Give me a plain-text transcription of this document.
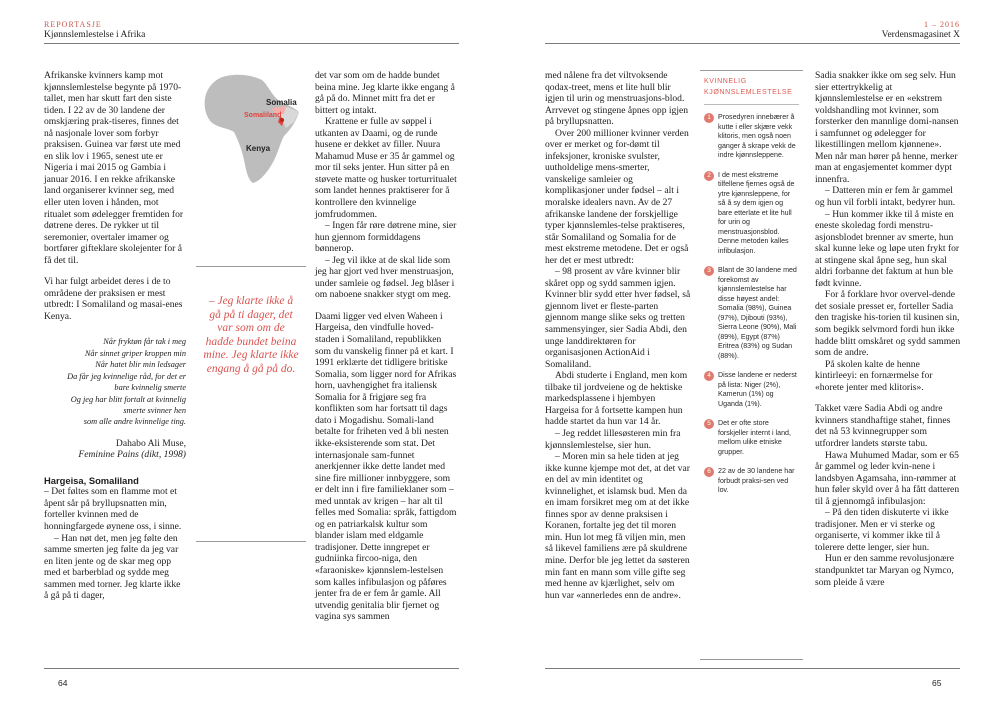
REPORTASJE
Kjønnslemlestelse i Afrika
1 – 2016
Verdensmagasinet X

Afrikanske kvinners kamp mot kjønnslemlestelse begynte på 1970-tallet, men har skutt fart den siste tiden. I 22 av de 30 landene der omskjæring prak-tiseres, finnes det nå nasjonale lover som forbyr praksisen. Guinea var først ute med en slik lov i 1965, senest ute er Nigeria i mai 2015 og Gambia i januar 2016. I en rekke afrikanske land organiserer kvinner seg, med eller uten loven i hånden, mot ritualet som ødelegger fremtiden for døtrene deres. De rykker ut til seremonier, overtaler imamer og bortfører gifteklare skolejenter for å få det til.

Vi har fulgt arbeidet deres i de to områdene der praksisen er mest utbredt: I Somaliland og masai-enes Kenya.

Når fryktøn får tak i meg
Når sinnet griper kroppen min
Når hatet blir min ledsager
Da får jeg kvinnelige råd, for det er
bare kvinnelig smerte
Og jeg har blitt fortalt at kvinnelig
smerte svinner hen
som alle andre kvinnelige ting.
Dahabo Ali Muse,
Feminine Pains (dikt, 1998)
Hargeisa, Somaliland

– Det føltes som en flamme mot et åpent sår på bryllupsnatten min, forteller kvinnen med de honningfargede øynene oss, i sinne.

– Han nøt det, men jeg følte den samme smerten jeg følte da jeg var en liten jente og de skar meg opp med et barberblad og sydde meg sammen med torner. Jeg klarte ikke å gå på ti dager,

Somalia
Somaliland
Kenya
– Jeg klarte ikke å gå på ti dager, det var som om de hadde bundet beina mine. Jeg klarte ikke engang å gå på do.

det var som om de hadde bundet beina mine. Jeg klarte ikke engang å gå på do. Minnet mitt fra det er bittert og intakt.

Krattene er fulle av søppel i utkanten av Daami, og de runde husene er dekket av filler. Nuura Mahamud Muse er 35 år gammel og mor til seks jenter. Hun sitter på en støvete matte og husker torturritualet som landet hennes praktiserer for å kontrollere den kvinnelige jomfrudommen.

– Ingen får røre døtrene mine, sier hun gjennom formiddagens bønnerop.

– Jeg vil ikke at de skal lide som jeg har gjort ved hver menstruasjon, under samleie og fødsel. Jeg blåser i om naboene snakker stygt om meg.

Daami ligger ved elven Waheen i Hargeisa, den vindfulle hoved-staden i Somaliland, republikken som du vanskelig finner på et kart. I 1991 erklærte det tidligere britiske Somalia, som ligger nord for Afrikas horn, uavhengighet fra italiensk Somalia for å frigjøre seg fra konflikten som har fortsatt til dags dato i Mogadishu. Somali-land betalte for friheten ved å bli nesten ikke-eksisterende som stat. Det internasjonale sam-funnet anerkjenner ikke dette landet med sine fire millioner innbyggere, som er delt inn i fire familieklaner som – med unntak av krigen – har alt til felles med Somalia: språk, fattigdom og en patriarkalsk kultur som blander islam med eldgamle tradisjoner. Dette inngrepet er gudniinka fircoo-niga, den «faraoniske» kjønnslem-lestelsen som kalles infibulasjon og påføres jenter fra de er fem år gamle. All utvendig genitalia blir fjernet og vagina sys sammen

med nålene fra det viltvoksende qodax-treet, mens et lite hull blir igjen til urin og menstruasjons-blod. Arrvevet og stingene åpnes opp igjen på bryllupsnatten.

Over 200 millioner kvinner verden over er merket og for-dømt til infeksjoner, kroniske svulster, uutholdelige mens-smerter, vanskelige samleier og komplikasjoner under fødsel – alt i moralske idealers navn. Av de 27 afrikanske landene der forskjellige typer kjønnslemles-telse praktiseres, står Somaliland og Somalia for de mest ekstreme metodene. Det er også her det er mest utbredt:

– 98 prosent av våre kvinner blir skåret opp og sydd sammen igjen. Kvinner blir sydd etter hver fødsel, så gjennom livet er fleste-parten gjennom mange slike seks og tretten sammensyinger, sier Sadia Abdi, den unge landdirektøren for organisasjonen ActionAid i Somaliland.

Abdi studerte i England, men kom tilbake til jordveiene og de hektiske markedsplassene i hjembyen Hargeisa for å fortsette kampen hun hadde startet da hun var 14 år.

– Jeg reddet lillesøsteren min fra kjønnslemlestelse, sier hun.

– Moren min sa hele tiden at jeg ikke kunne kjempe mot det, at det var en del av min identitet og kvinnelighet, et islamsk bud. Men da en imam forsikret meg om at det ikke finnes spor av denne praksisen i Koranen, fortalte jeg det til moren min. Hun lot meg få viljen min, men så likevel familiens ære på skuldrene mine. Derfor ble jeg lettet da søsteren min fant en mann som ville gifte seg med henne av kjærlighet, selv om hun var «annerledes enn de andre».

KVINNELIG
KJØNNSLEMLESTELSE
1	Prosedyren innebærer å kutte i eller skjære vekk klitoris, men også noen ganger å skrape vekk de indre kjønnsleppene.
2	I de mest ekstreme tilfellene fjernes også de ytre kjønnsleppene, for så å sy dem igjen og bare etterlate et lite hull for urin og menstruasjonsblod. Denne metoden kalles infibulasjon.
3	Blant de 30 landene med forekomst av kjønnslemlestelse har disse høyest andel: Somalia (98%), Guinea (97%), Djibouti (93%), Sierra Leone (90%), Mali (89%), Egypt (87%) Eritrea (83%) og Sudan (88%).
4	Disse landene er nederst på lista: Niger (2%), Kamerun (1%) og Uganda (1%).
5	Det er ofte store forskjeller internt i land, mellom ulike etniske grupper.
6	22 av de 30 landene har forbudt praksi-sen ved lov.

Sadia snakker ikke om seg selv. Hun sier ettertrykkelig at kjønnslemlestelse er en «ekstrem voldshandling mot kvinner, som forsterker den mannlige domi-nansen i samfunnet og ødelegger for likestillingen mellom kjønnene». Men når man hører på henne, merker man at engasjementet kommer dypt innenfra.

– Datteren min er fem år gammel og hun vil forbli intakt, bedyrer hun.

– Hun kommer ikke til å miste en eneste skoledag fordi menstru-asjonsblodet brenner av smerte, hun skal kunne leke og løpe uten frykt for at stingene skal åpne seg, hun skal aldri forbanne det faktum at hun ble født kvinne.

For å forklare hvor overvel-dende det sosiale presset er, forteller Sadia den tragiske his-torien til kusinen sin, som begikk selvmord fordi hun ikke hadde blitt omskåret og sydd sammen som de andre.

På skolen kalte de henne kintirleeyi: en fornærmelse for «horete jenter med klitoris».

Takket være Sadia Abdi og andre kvinners standhaftige stahet, finnes det nå 53 kvinnegrupper som utfordrer landets største tabu.

Hawa Muhumed Madar, som er 65 år gammel og leder kvin-nene i landsbyen Agamsaha, inn-rømmer at hun føler skyld over å ha fått datteren til å gjennomgå infibulasjon:

– På den tiden diskuterte vi ikke tradisjoner. Men er vi sterke og organiserte, vi kommer ikke til å tolerere dette lenger, sier hun.

Hun er den samme revolusjonære standpunktet tar Maryan og Nymco, som pleide å være

64	65
